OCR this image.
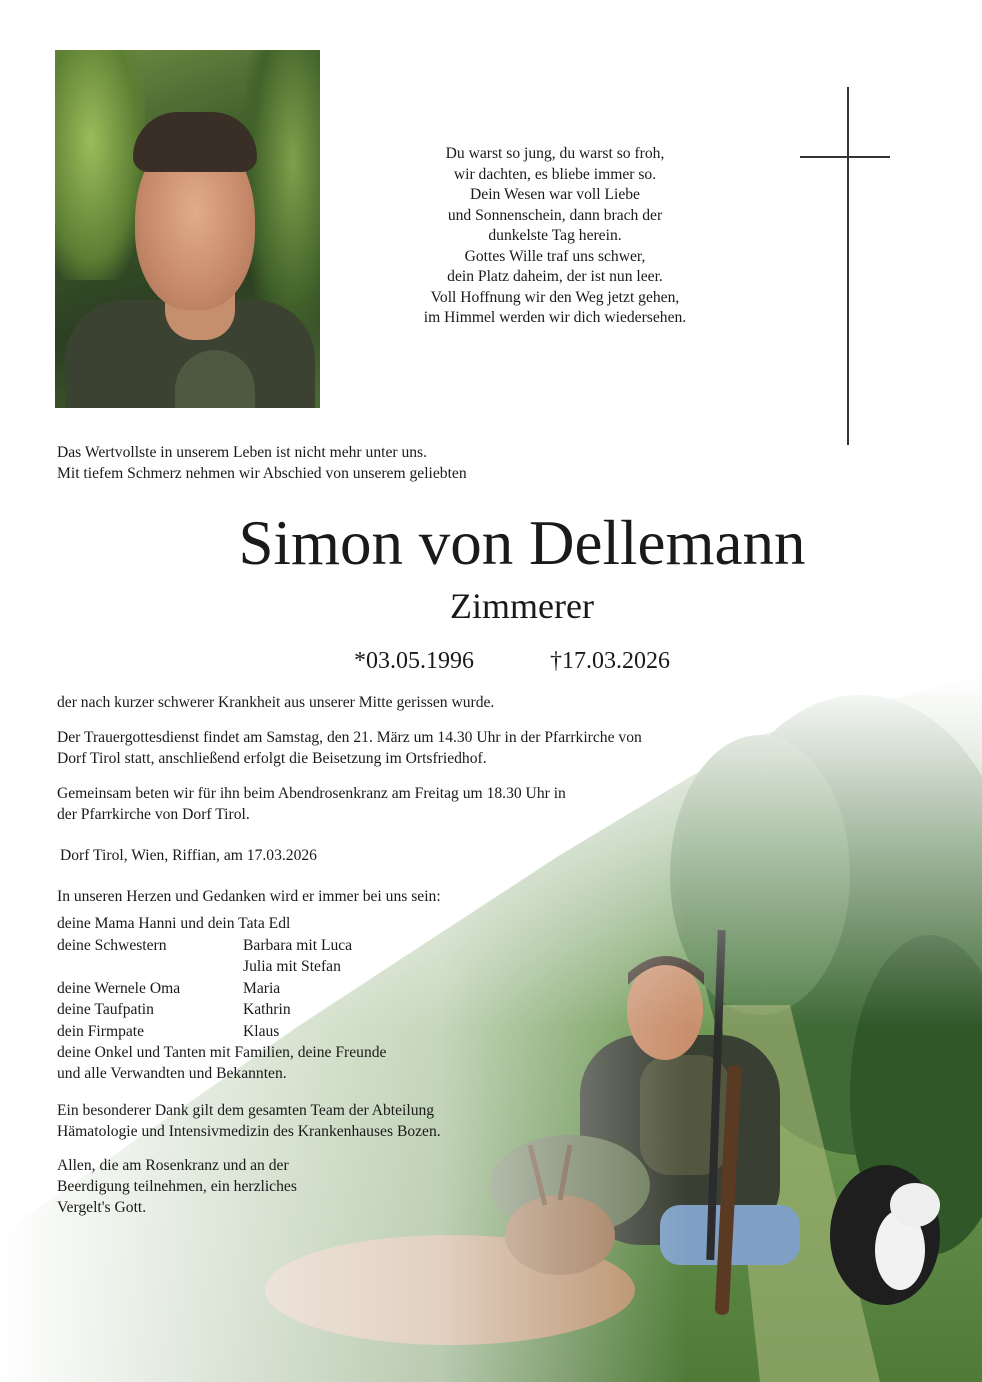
Du warst so jung, du warst so froh,
wir dachten, es bliebe immer so.
Dein Wesen war voll Liebe
und Sonnenschein, dann brach der
dunkelste Tag herein.
Gottes Wille traf uns schwer,
dein Platz daheim, der ist nun leer.
Voll Hoffnung wir den Weg jetzt gehen,
im Himmel werden wir dich wiedersehen.
Das Wertvollste in unserem Leben ist nicht mehr unter uns.
Mit tiefem Schmerz nehmen wir Abschied von unserem geliebten
Simon von Dellemann
Zimmerer
*03.05.1996	†17.03.2026
der nach kurzer schwerer Krankheit aus unserer Mitte gerissen wurde.
Der Trauergottesdienst findet am Samstag, den 21. März um 14.30 Uhr in der Pfarrkirche von
Dorf Tirol statt, anschließend erfolgt die Beisetzung im Ortsfriedhof.
Gemeinsam beten wir für ihn beim Abendrosenkranz am Freitag um 18.30 Uhr in
der Pfarrkirche von Dorf Tirol.
Dorf Tirol, Wien, Riffian, am 17.03.2026
In unseren Herzen und Gedanken wird er immer bei uns sein:
deine Mama Hanni und dein Tata Edl
deine Schwestern	Barbara mit Luca
Julia mit Stefan
deine Wernele Oma	Maria
deine Taufpatin	Kathrin
dein Firmpate	Klaus
deine Onkel und Tanten mit Familien, deine Freunde
und alle Verwandten und Bekannten.
Ein besonderer Dank gilt dem gesamten Team der Abteilung
Hämatologie und Intensivmedizin des Krankenhauses Bozen.
Allen, die am Rosenkranz und an der
Beerdigung teilnehmen, ein herzliches
Vergelt's Gott.
